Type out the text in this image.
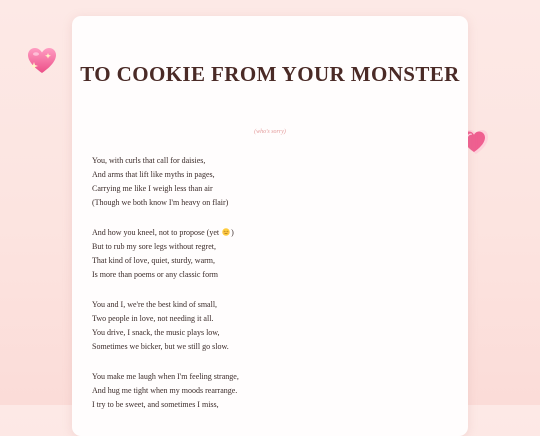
TO COOKIE FROM YOUR MONSTER
(who's sorry)
You, with curls that call for daisies,
And arms that lift like myths in pages,
Carrying me like I weigh less than air
(Though we both know I'm heavy on flair)
And how you kneel, not to propose (yet )
But to rub my sore legs without regret,
That kind of love, quiet, sturdy, warm,
Is more than poems or any classic form
You and I, we're the best kind of small,
Two people in love, not needing it all.
You drive, I snack, the music plays low,
Sometimes we bicker, but we still go slow.
You make me laugh when I'm feeling strange,
And hug me tight when my moods rearrange.
I try to be sweet, and sometimes I miss,
